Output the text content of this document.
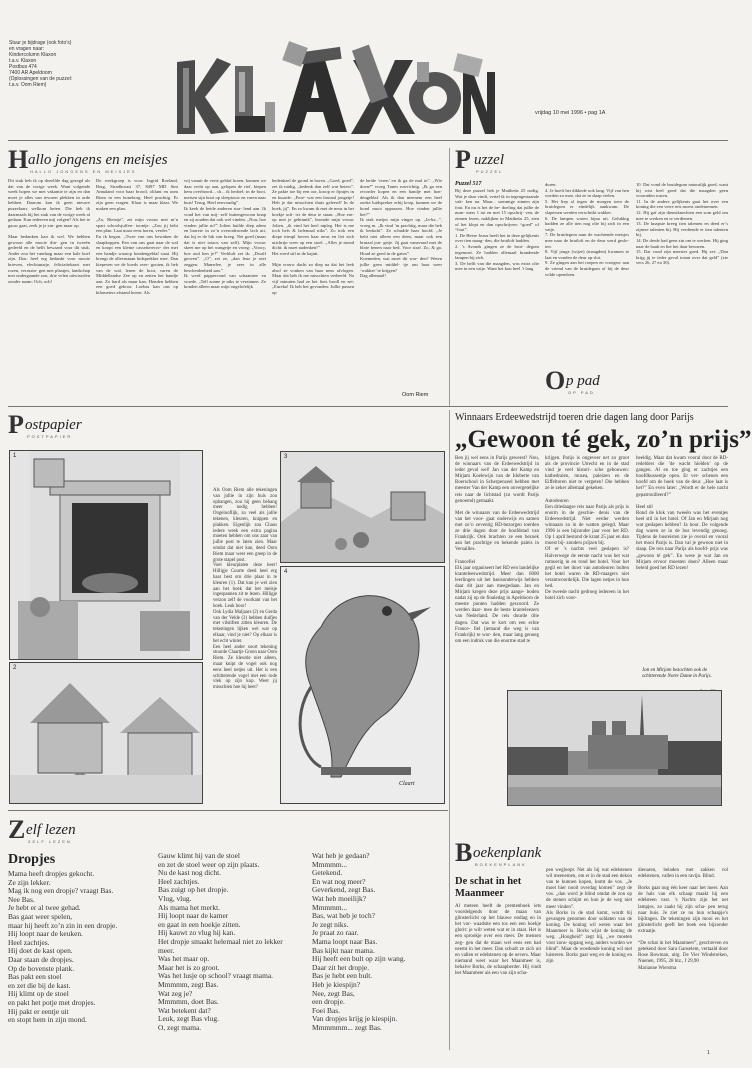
Stuur je bijdrage (ook foto’s)
en vragen naar:
Kindercolumn Klaxon
t.a.v. Klaxon
Postbus 474
7400 AR Apeldoorn
(Oplossingen van de puzzel:
t.a.v. Oom Riem)
vrijdag 10 mei 1996 • pag 1A
H allo jongens en meisjes
HALLO JONGENS EN MEISJES
Dit stuk heb ik op dezelfde dag gezegd als dat van de vorige week. Want volgende week hopen we met vakantie te zijn en dan moet je alles van tevoren plekken in orde hebben. Daarom kan ik geen nieuwe puzzelaars welkom heten. Die heb ik daarmaals bij het stuk van de vorige week al gedaan. Kan iedereen mij volgen? Als het te gauw gaat, zeek je je zin- gen maar op.

Maar bedanken kan ik wel. We hebben gewoon alle mooie din- gen in tweeën gedeeld en de helft bewaard voor dit stuk. Ander zou het vandaag maar een kale boel zijn. Dus: heel erg bedankt voor mooie brieven, elechtunatje, feliciatiekaart met rozen, verassin- gen met plaatjes, landschap met ondergaande zon, drie velen uitwisselen zonder naam: Och, och!
De werkgroep is voor: Ingrid Roeland, Berg, Stradhorast 37, 8497 MD Sint Annaland voor haar brood, olifant en oom Riem in een honeborg. Heel prachtig. Er zijn geen vragen. Klaar is maar klaar. We maken een plan.

„Zo, Rietstje”, zei mijn vrouw met m’n spart schoolsjuffen- toonije. „Zou jij hebt een plan. Laat maar eens horen, verder.”
En ik begon. „Twee van ons bewaken de slaapkoppen. Een van ons gaat naar de wal en koopt een kleine cassetterecor- der met een bandje waarop hondengeblaf staat. Hij brengt de alleenstaan bidsprekker mee. Dan kiepeven we de koeds over- gooien, ik heb van de wal, lenen de boot, varen de Middellandse Zee op en zetten het bandje aan. Zo hard als maar kan. Honden hebben een goed gehoor. Loebas kan ons op kilometers afstand horen. Als
wij vanuit de verte geblaf horen, kunnen we daar recht op aan, gelopen de rief, kiepen hem overboord... ch... ik bedoel: in de boot. meisen sijn boot op sleeptouw en varen naar huis! Terug. Heel eenvoudig”.
Ik keek de beide anderen stra- lend aan. Ik vond het van mij- zelf buitengewoon knap en zij zouden dat ook wel vinden. „Nou, hoe vinden jullie m?” Jolien huilde diep adem en barrete in zo’n overordroonde lach uit, dat hij er de hik van kreeg. Net goed (maar dat is niet totaos van zelf). Mijn vrouw skeet me op het wangetje en vroeg: „Voncy, hoe oud ben je?” Verbluft zei ik: „Dwalf geoven”. „O”, zei ze, „dan leuz je niet zeggen. Mamelee, je zeer in alle bescheidenheid aan.”
Ik werd pappervond van schaamtee en woede. „Tell zonne je niks te verzinnen. Ze konden alleen maar mijn ongelofelijk
bedenkzel de grond in boren. „Goed, goed”, zei ik nüdig, „bedenk dan zelf wat beters”. Ze pakte toe bij een oor, kroop er fijntjes in en kuurde: „Fore- wat een brutaal jongetje! Heb je dat misschien thuis geleerd? In de hoek, jij”. En zo kwam ik met de neus in het hoekje ach- ter de deur te staan. „Hoe ern- op met je gehinnik”, bromde mijn vrouw Jolien, „ik vind het heel nipleg. Het is me toch hefs & helemaal niks”. Zo trok een diepe trimpl boven haar neus en liet zich uitchrijn weer op een stoel. „Alles je mond dicht: ik moet nadenken!”
Het werd stil in de kajuit.

Mijn vrouw dacht zo diep na dat het leek alsof ze vonken van haar neus afvlogen. Maar dat heb ik me misschien verbeeld. Na vijf minuten had ze het fiets bordl en zei: „Eureka! Ik heb het gevonden: Jullie passen op
de beide ‘teren’ en ik ga de mal in”. „Wie doen?” vroeg Tunes ruwrichtig. „Ik ga een recorder kopen en een bandje met hon- dengeblaf. Als ik dan meenem een heel zoeke luidspreker erbij koop, kunnen we de hond mooi oppassen. Hoe vinden jullie het?”
Ik stak meijes mijn vinger op. „Ja-ha...”, vroeg m. „Ik vind ’m prachtig, maar die heb ik bedacht”. Ze schudde haar hoofd. „Je hebt niet alleen een deen, maar ook een brutaal jon- getje. Jij gaat vanavond met de blote benen naar bed. Voor straf. Zo, & ga. Houd ze goed in de gaten”.
Koemeden, wat moet dit wor- den? Weten jullie geen middel- tje om haar weer ‘wakker’ te krijgen?
Dag allemaal!
Oom Riem
P uzzel
PUZZEL
Puzzel 517
Bij deze puzzel heb je Mattheüs 25 nodig. Wat je daar vindt, vertel ik in tegengestaande vak- ken na. Maar... sommige zinnen zijn fout. En nu is het de be- doeling dat jullie de num- mers 1 tot en met 15 opschrij- ven, de zinnen lezen, naklijken in Mattheüs 25, zien of het klopt en dan opschrijven: “goed” of “fout”.
1. De Heere Jezus heeft het in deze gelijkenis over tien maag- den, die bruiloft hadden.
2. ’s Avonds gingen ze de brui- degom tegemoet. Ze hadden allemaal brandende lampen bij zich.
3. De helft van die maagden, was extra olie mee in een vatje. Want het kon heel ’t lang
duren.
4. Je hoeft het dikkede ook lang. Vijf van hen werden zo moe, dat ze in slaap vielen.
5. Het liep al tegen de morgen toen de bruidegom er eindelijk aankwam. De slapersen werden verschrikt wakker.
6. De lampen waren bijna uit. Gelukkig hadden ze alle tien nog olie bij zich in een vatje.
7. De bruidegom nam de wachtende meisjes mee naar de bruiloft en de deur werd geslo- ten.
8. Vijf jonge (wijze) (maagden) kwamen te laat en vonden de deur op slot.
9. Ze gingen aan het roepen en vroegen: aan de vriend van de bruidegom of hij de deur wilde opendoen.
10. Dat vond de bruidegom natuurlijk goed, want hij wist heel goed dat die maagden geen voorraden waren.
11. In de andere gelijkenis gaat het over een koning die een verre reis moest ondernemen.
12. Hij gaf zijn dienstknechten een som geld om mee te werken en te verdienen.
13. De knapste kreeg tien talenten en deed er’s zijnere talenten bij. Hij verdiende er tien talenten bij.
14. De derde had geen zin om te werken. Hij ging naar de baak en liet het daar bewaren.
15. Dat vond zijn meester goed. Hij zei: „Dan krijg jij ie ieder geval totaat over dat geld” (zie vers 26, 27 en 30).
O p pad
OP PAD
Winnaars Erdeewedstrijd toeren drie dagen lang door Parijs
„Gewoon té gek, zo’n prijs”
Ben jij wel eens in Parijs geweest? Nou, de winnaars van de Erdeewedstrijd in ieder geval wel! Jan van der Kamp en Mirjam Koelewijn van de Idoberte van Boerschool in Scherpenzeel hebben met meester Van der Kamp een onvergetelijke reis naar de lichtstad (zo wordt Parijs genoemd) gemaakt.

Met de winnaars van de Erdeewedstrijd van het voor- gaat onderwijs en samen met zo’n zeventig RD-bezorgen toerden ze drie dagen door de hoofdstad van Frankrijk. Ook brachten ze een bezoek aan het prachtige en bekende paleis in Versailles.

Francefiel
Elk jaar organiseert het RD een landelijke kranteleeswedstrijd. Meer dan 6000 leerlingen uit het basisonderwijs hebben daar dit jaar aan meegedaan. Jan en Mirjam kregen deze prijs aange- boden nadat zij op de finaledag in Apeldoorn de meeste punten hadden gescoord. Ze werden daar- mee de beste kranteleezers van Nederland. De reis duurde drie dagen. Dat was te kort om een echte France- fiel (iemand die weg is van Frankrijk) te wor- den, maar lang genoeg om een indruk van die enorme stad te
krijgen. Parijs is ongeveer net zo groot als de provincie Utrecht en in de stad vind je veel histori- sche gebouwen: kathedralen, musea, paleizen en de Eiffeltoren niet te vergeten! Die hebben ze ie zeker allemaal gekeken.

Autodeuren
Een driedaagse reis naar Parijs als prijs is enorm in de geschie- denis van de Erdeewedstrijd. Niet eerder werden winnaars zo in de watten gelegd. Maar 1996 is een bijzonder jaar voor het RD. Op 1 april bestond de krant 25 jaar en dan moest bij- zonders prijzen bij.
Of er ’s nachts veel geslapen is? Halverwege de eerste nacht was het wat rumoerig in en rond het hotel. Voor het gegil en het duwt van autodeuren bulten het hotel waren de RD-maagers niet verantwoordelijk. Die lagen netjes in hun bed.
De tweede nacht gedroeg iedereen in het hotel zich voor-
beeldig. Maar dat kwam vooral door de RD-redelders die ’de wacht hielden’ op de gangen. Al en toe ging er zachtjes een hoofdkussentje open. Er ver- schenen een hoofd om de hoek van de deur. „Hoe laat is het?” En even later: „Wordt er de hele nacht gepatrouilleerd?”

Heel stil
Rond de klok van tweeën was het eventjes heel stil in het hotel. Of Jan en Mirjam nog wat geslapen hebben? Ja hoor. De volgende dag waren ze in de bus levendig genoeg. Tijdens de busreisten zie je overal en vooral het mooi Parijs is. Dan val je gewoon niet in slaap. De reis naar Parijs als hoofd- prijs was „gewoon té gek”. En wese je wat Jan en Mirjam ervoor moesten doen? Alleen maar beleid goed het RD lezen!
Jan en Mirjam bezochten ook de schitterende Notre Dame in Parijs.
P ostpapier
POSTPAPIER
1
2
Als Oom Riem alle tekeningen van jullie in zijn huis zou ophangen, zou hij geen behang meer nodig hebben! Ongelooflijk, zo veel als jullie tekenen, kleuren, knippen en plakken. Eigenlijk zou Chaos iedere week een extra pagina moeten hebben om ons zaar van jullie post te laten zien. Maar omdat dat niet kan, deed Oom Riem maar weer een greep in de grote stapel post.
Voel kleurplaten deze keer! Hilligje Cuurte deed heel erg haar best om drie plaat in te kleuren (1). Dat kun je wel zien aan het boek dat het meisje ingespannen zit te lezen. Hilligje verzon zelf de voorkant van het boek. Leuk hoor!
Ook Lydia Maljaars (2) en Gerda van der Velde (3) hebben duifjes met vilstiften zitten kleuren. De tekeningen lijken wel wat op elkaar, vind je niet? Op elkaar is het echt winter.
Een heel ander soort tekening stuurde Claartje Groen naar Oom Riem. Ze kleurde niet alleen, maar knipt de vogel ook nog eens heel netjes uit. Het is een schitterende vogel met een rode vlek op zijn kop. Weet jij misschien hoe hij heet?
3
4
Claart
Z elf lezen
ZELF LEZEN
Dropjes
Mama heeft dropjes gekocht.
Ze zijn lekker.
Mag ik nog een dropje? vraagt Bas.
Nee Bas.
Je hebt er al twee gehad.
Bas gaat weer spelen,
maar hij heeft zo’n zin in een dropje.
Hij loopt naar de keuken.
Heel zachtjes.
Hij doet de kast open.
Daar staan de dropjes.
Op de bovenste plank.
Bas pakt een stoel
en zet die bij de kast.
Hij klimt op de stoel
en pakt het potje met dropjes.
Hij pakt er eentje uit
en stopt hem in zijn mond.
Gauw klimt hij van de stoel
en zet de stoel weer op zijn plaats.
Nu de kast nog dicht.
Heel zachtjes.
Bas zuigt op het dropje.
Vlug, vlug.
Als mama het merkt.
Hij loopt naar de kamer
en gaat in een hoekje zitten.
Hij kauwt zo vlug hij kan.
Het dropje smaakt helemaal niet zo lekker
meer.
Was het maar op.
Maar het is zo groot.
Was het lusje op school? vraagt mama.
Mmmmm, zegt Bas.
Wat zeg je?
Mmmmm, doet Bas.
Wat betekent dat?
Leuk, zegt Bas vlug.
O, zegt mama.
Wat heb je gedaan?
Mmmmm...
Getekend.
En wat nog meer?
Geverkend, zegt Bas.
Wat heb moeilijk?
Mmmmm...
Bas, wat heb je toch?
Je zegt niks.
Je praat zo raar.
Mama loopt naar Bas.
Bas kijkt naar mama.
Hij heeft een bult op zijn wang.
Daar zit het dropje.
Bas je hebt een bult.
Heb je kiespijn?
Nee, zegt Bas,
een dropje.
Foei Bas.
Van dropjes krijg je kiespijn.
Mmmmmm... zegt Bas.
B oekenplank
BOEKENPLANK
De schat in het Maanmeer
Al meteen heeft de prentenboek iets voordelgends door de maan van glinsterlicht op het blauwe ondiag en in het vor- waadsite een tos een een hoekje glorit: je wilt weten wat er in staat. Het is een sprookje over een meer. De mensen zeg- gen dat de maan wel eens een bad neemt in het meer. Dan schudt ze zich uit en vallen er edelstenen op de oevers. Maar niemand weet waar het Maanmeer is, behalve Borks, de schaapherder. Hij vindt het Maanmeer als een van zijn scha-
pen wegloopt. Net als hij wat edelstenen wil meenemen, om er in de stad een dekon van te kunnen kopen, komt de vos. „Je moet hier nooit overdag komen” zegt de vos. „dan word je blind omdat de zon op de stenen schijnt en kun je de weg niet meer vinden”.
Als Borks in de stad komt, wordt hij gevangen genomen door soldaten van de koning. De koning wil weten waar het Maanmeer is. Borks wijst de koning de weg. „Hoogheid” zegt hij, „we moeten voor zons- opgang weg, anders worden we blind”. Maar de woedende koning wil niet luisteren. Borks gaat weg en de koning en zijn
dienaren, beladen met zakken vol edelstenen, vallen in een ravijn. Blind.

Borks gaat nog één keer naar het meer. Aan de hals van elk schaap maakt hij een edelsteen vast. ’s Nachts zijn het net lampjes, zo zaakt hij zijn scha- pen terug naar huis. Je ziet ze nu hun schaapje’s bijdragen. De tekeningen zijn mooi en het glinsterlicht geeft het boek een bijzonder extraatje.

“De schat in het Maanmeer”, geschreven en getekend door Sara Ganselem, vertaald door Rose Bowman, uitg. De Vier Windstreken, Nuenen, 1995, 28 blz., f 29,90
Marianne Wiersma
1
